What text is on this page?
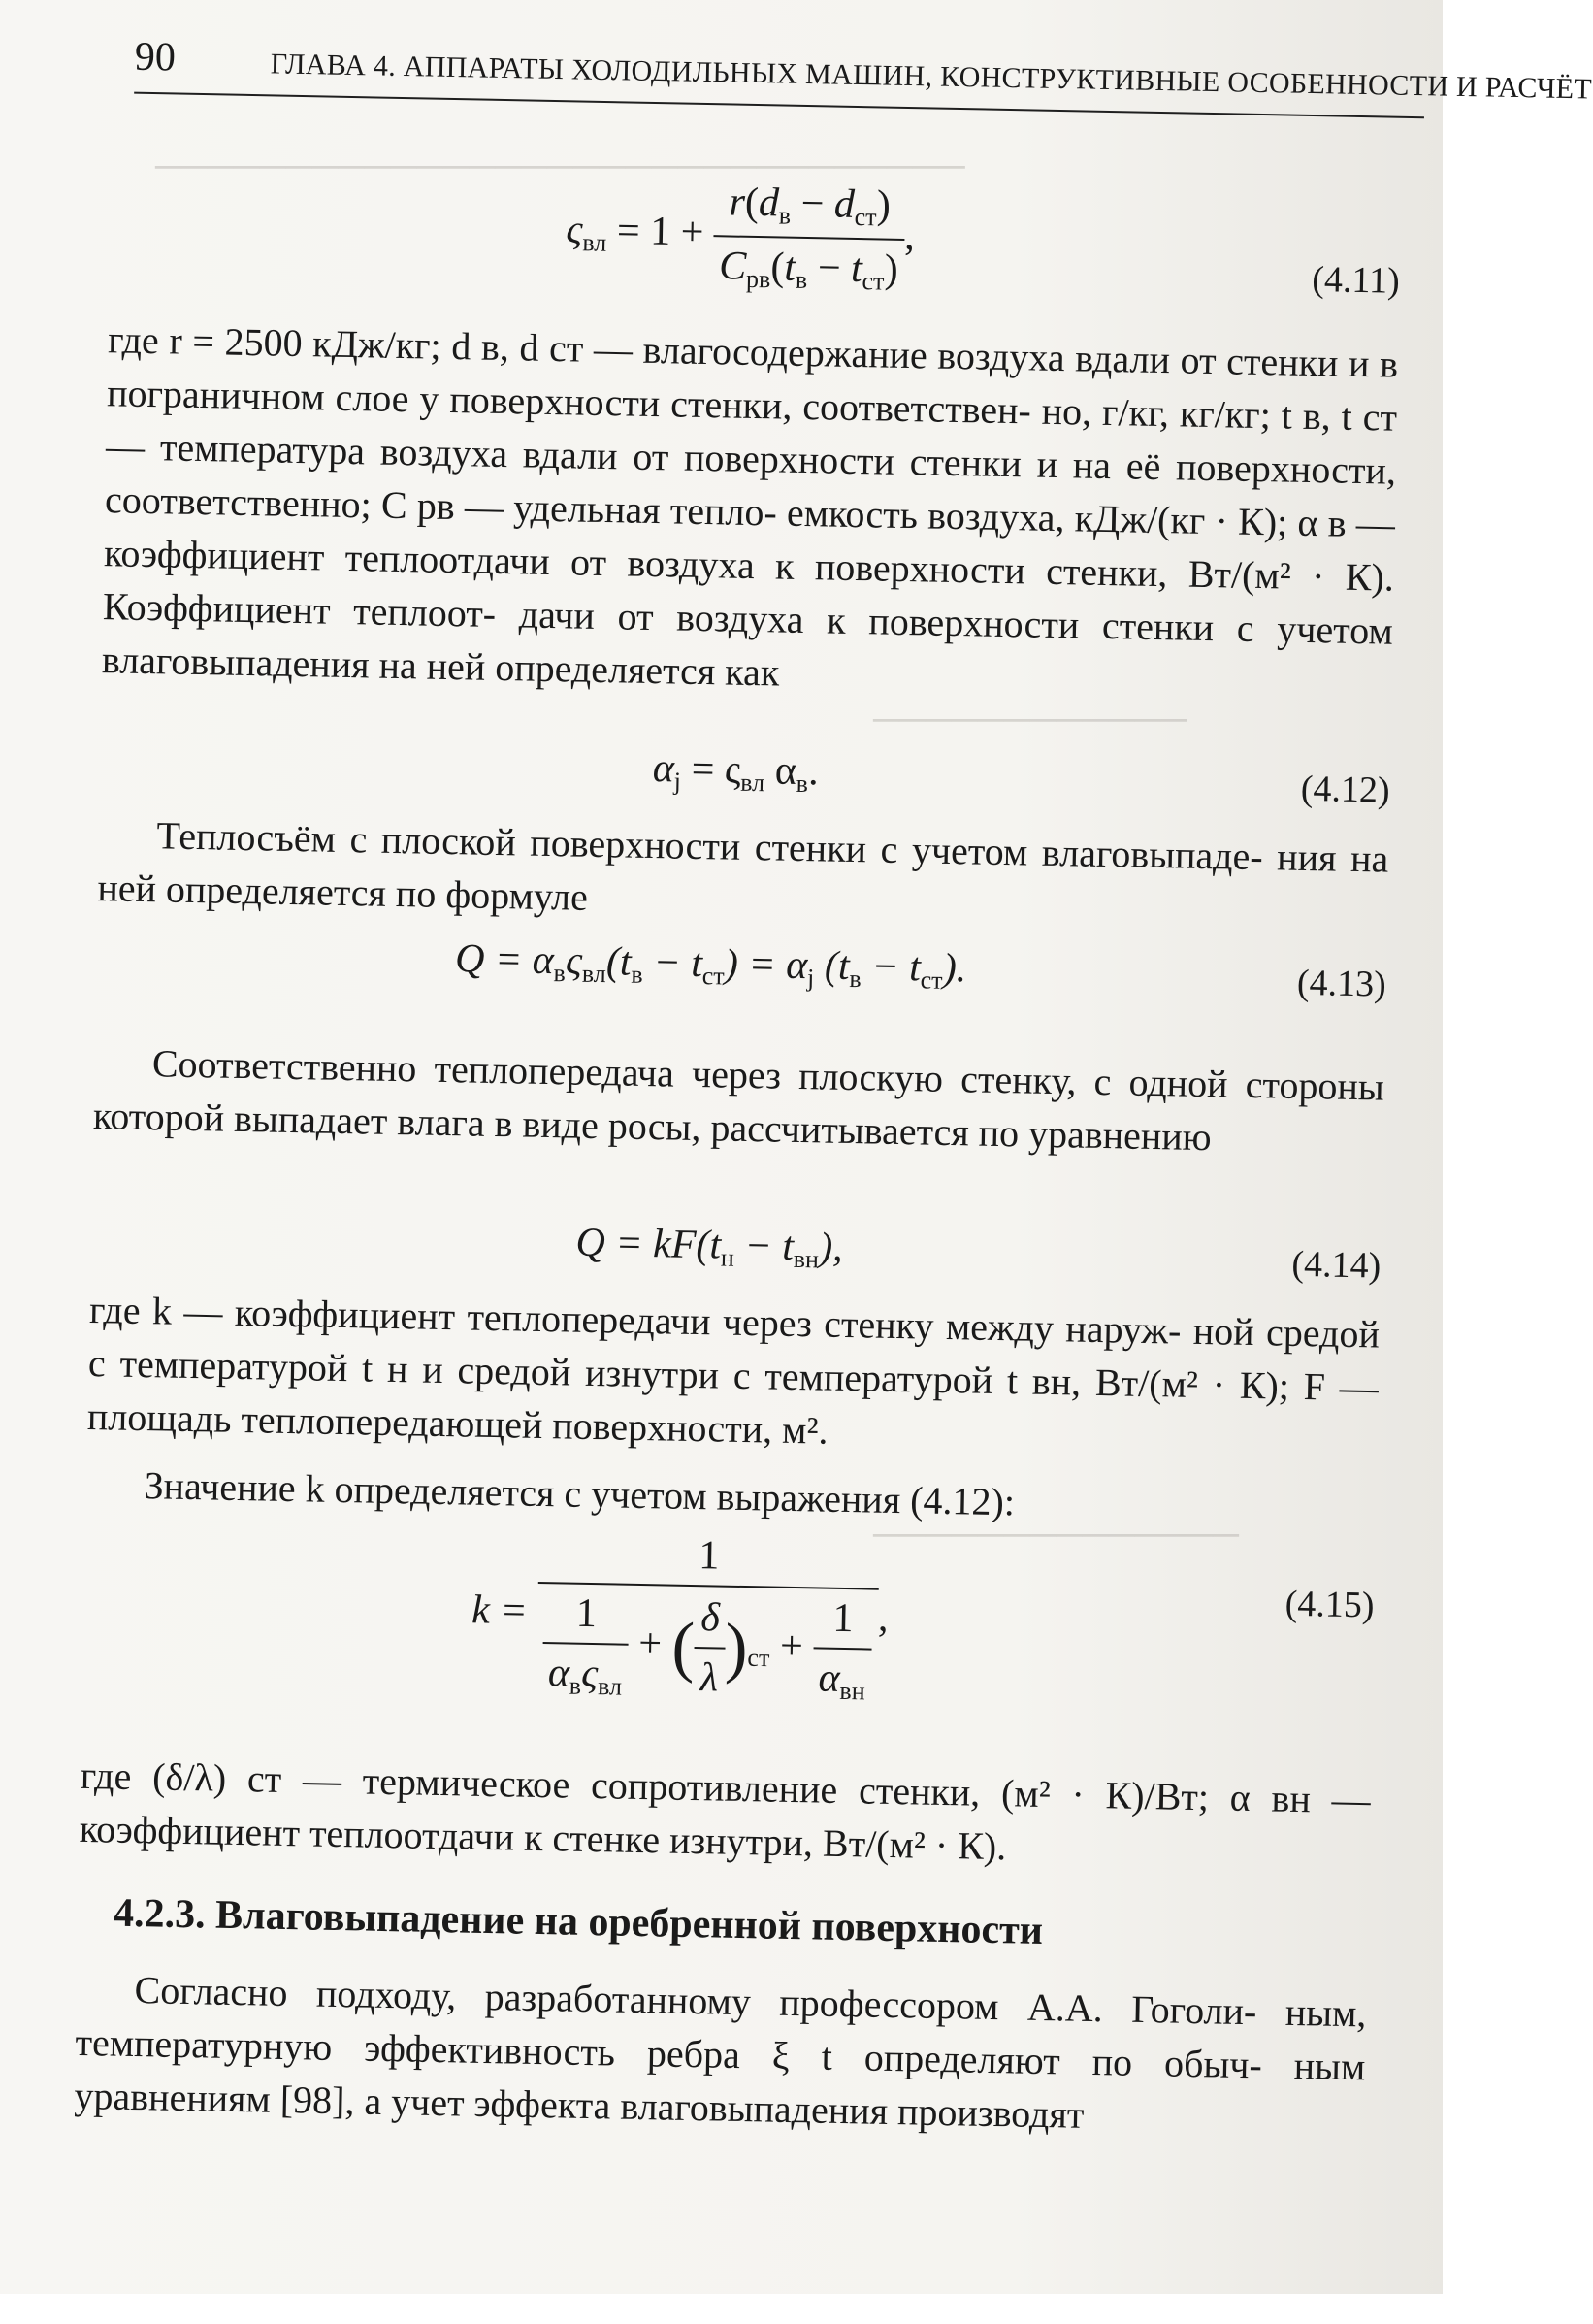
───────────────────────────────
────────────
──────────────
90	ГЛАВА 4. АППАРАТЫ ХОЛОДИЛЬНЫХ МАШИН, КОНСТРУКТИВНЫЕ ОСОБЕННОСТИ И РАСЧЁТ
$\varsigma_{вл} = 1$ +
$\frac{r(d_в - d_{ст})}{C_{pв}(t_в - t_{ст})}$
,
(4.11)
где r = 2500 кДж/кг; d в, d ст — влагосодержание воздуха вдали от стенки и в пограничном слое у поверхности стенки, соответствен- но, г/кг, кг/кг; t в, t ст — температура воздуха вдали от поверхности стенки и на её поверхности, соответственно; C pв — удельная тепло- емкость воздуха, кДж/(кг · К); α в — коэффициент теплоотдачи от воздуха к поверхности стенки, Вт/(м² · К). Коэффициент теплоот- дачи от воздуха к поверхности стенки с учетом влаговыпадения на ней определяется как
$\alpha_j = \varsigma_{вл}$ $\alpha_в$.	(4.12)
Теплосъём с плоской поверхности стенки с учетом влаговыпаде- ния на ней определяется по формуле
$Q = \alpha_в\varsigma_{вл}(t_в - t_{ст}) = \alpha_j$ $(t_в - t_{ст})$.	(4.13)
Соответственно теплопередача через плоскую стенку, с одной стороны которой выпадает влага в виде росы, рассчитывается по уравнению
$Q = kF(t_н - t_{вн})$,	(4.14)
где k — коэффициент теплопередачи через стенку между наруж- ной средой с температурой t н и средой изнутри с температурой t вн, Вт/(м² · К); F — площадь теплопередающей поверхности, м².
Значение k определяется с учетом выражения (4.12):
k =
1
$\frac{1}{\alpha_в\varsigma_{вл}}$
+ (
$\frac{\delta}{\lambda}$
)$_{ст}$ +
$\frac{1}{\alpha_{вн}}$
,	(4.15)
где (δ/λ) ст — термическое сопротивление стенки, (м² · К)/Вт; α вн — коэффициент теплоотдачи к стенке изнутри, Вт/(м² · К).
4.2.3. Влаговыпадение на оребренной поверхности
Согласно подходу, разработанному профессором А.А. Гоголи- ным, температурную эффективность ребра ξ t определяют по обыч- ным уравнениям [98], а учет эффекта влаговыпадения производят
